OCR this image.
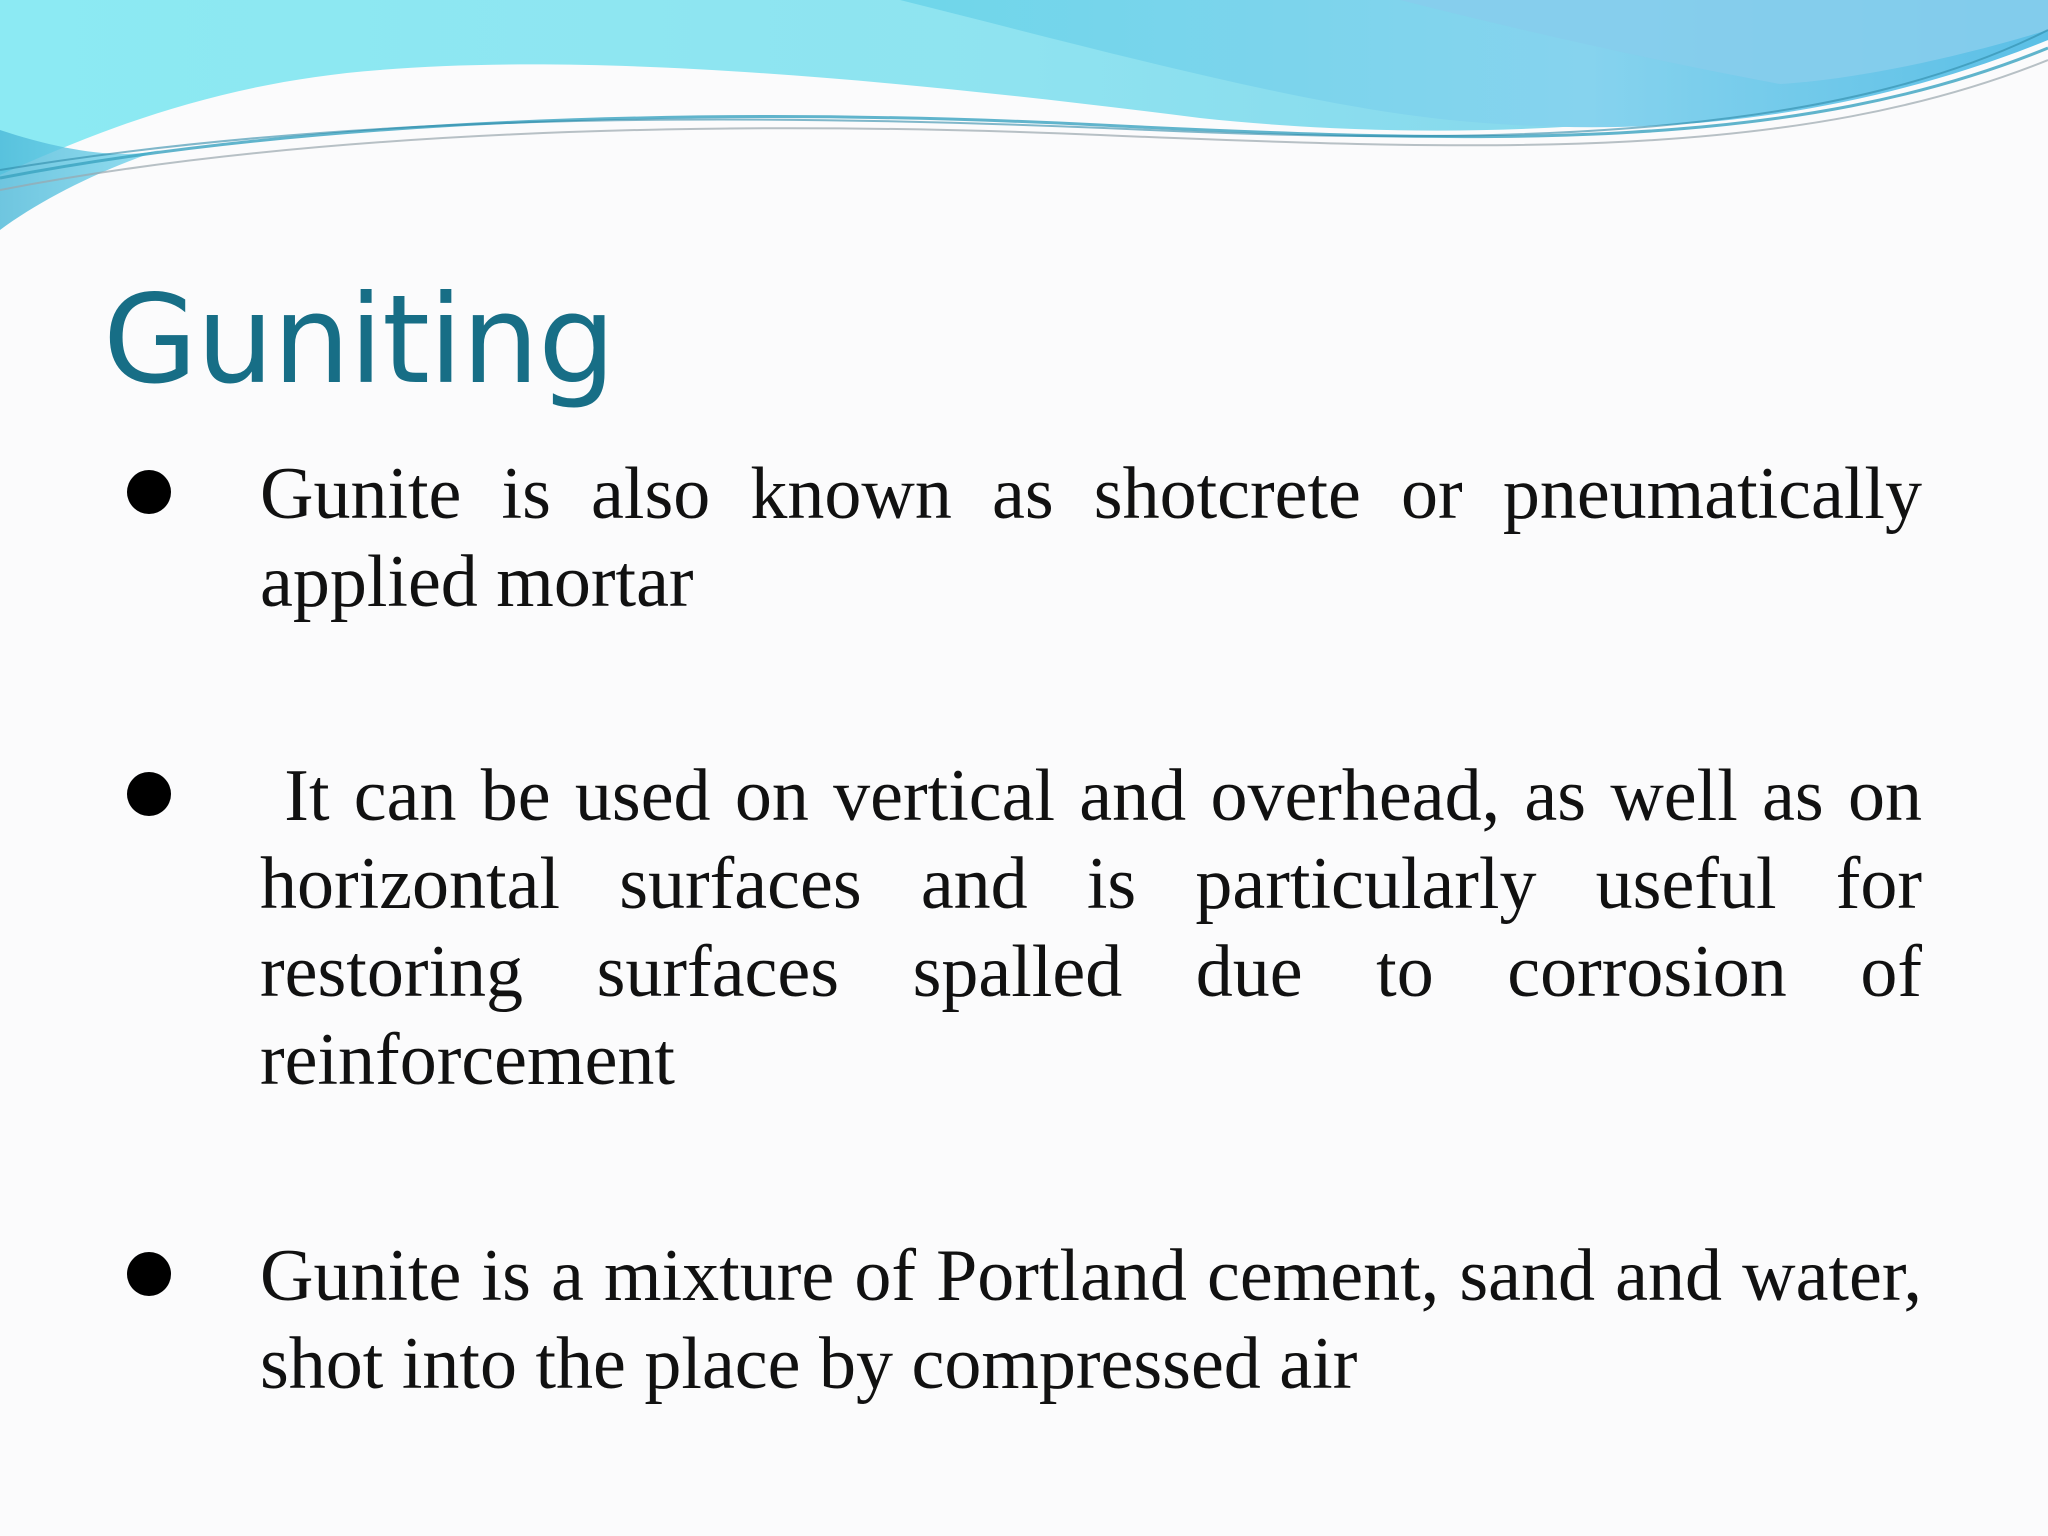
Guniting

Gunite is also known as shotcrete or pneumatically applied mortar

It can be used on vertical and overhead, as well as on horizontal surfaces and is particularly useful for restoring surfaces spalled due to corrosion of reinforcement

Gunite is a mixture of Portland cement, sand and water, shot into the place by compressed air
